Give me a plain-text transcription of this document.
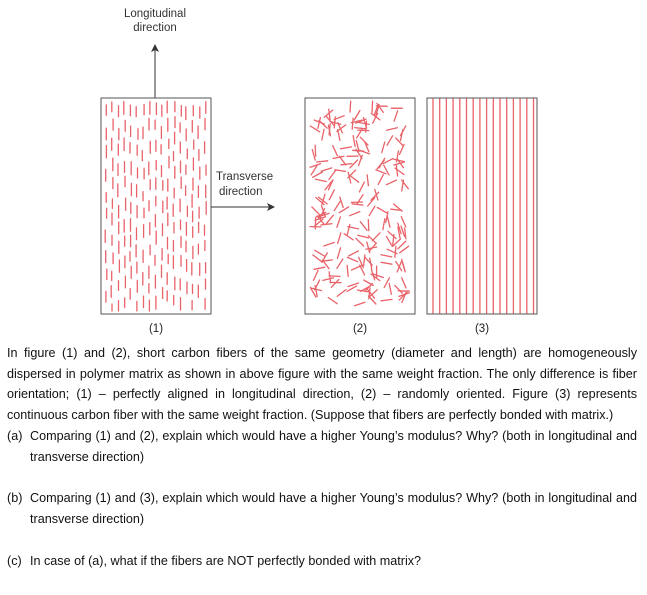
Longitudinal
direction
Transverse
direction
(1)	(2)	(3)

In figure (1) and (2), short carbon fibers of the same geometry (diameter and length) are homogeneously dispersed in polymer matrix as shown in above figure with the same weight fraction. The only difference is fiber orientation; (1) – perfectly aligned in longitudinal direction, (2) – randomly oriented. Figure (3) represents continuous carbon fiber with the same weight fraction. (Suppose that fibers are perfectly bonded with matrix.)

(a) Comparing (1) and (2), explain which would have a higher Young’s modulus? Why? (both in longitudinal and transverse direction)
(b) Comparing (1) and (3), explain which would have a higher Young’s modulus? Why? (both in longitudinal and transverse direction)
(c) In case of (a), what if the fibers are NOT perfectly bonded with matrix?
